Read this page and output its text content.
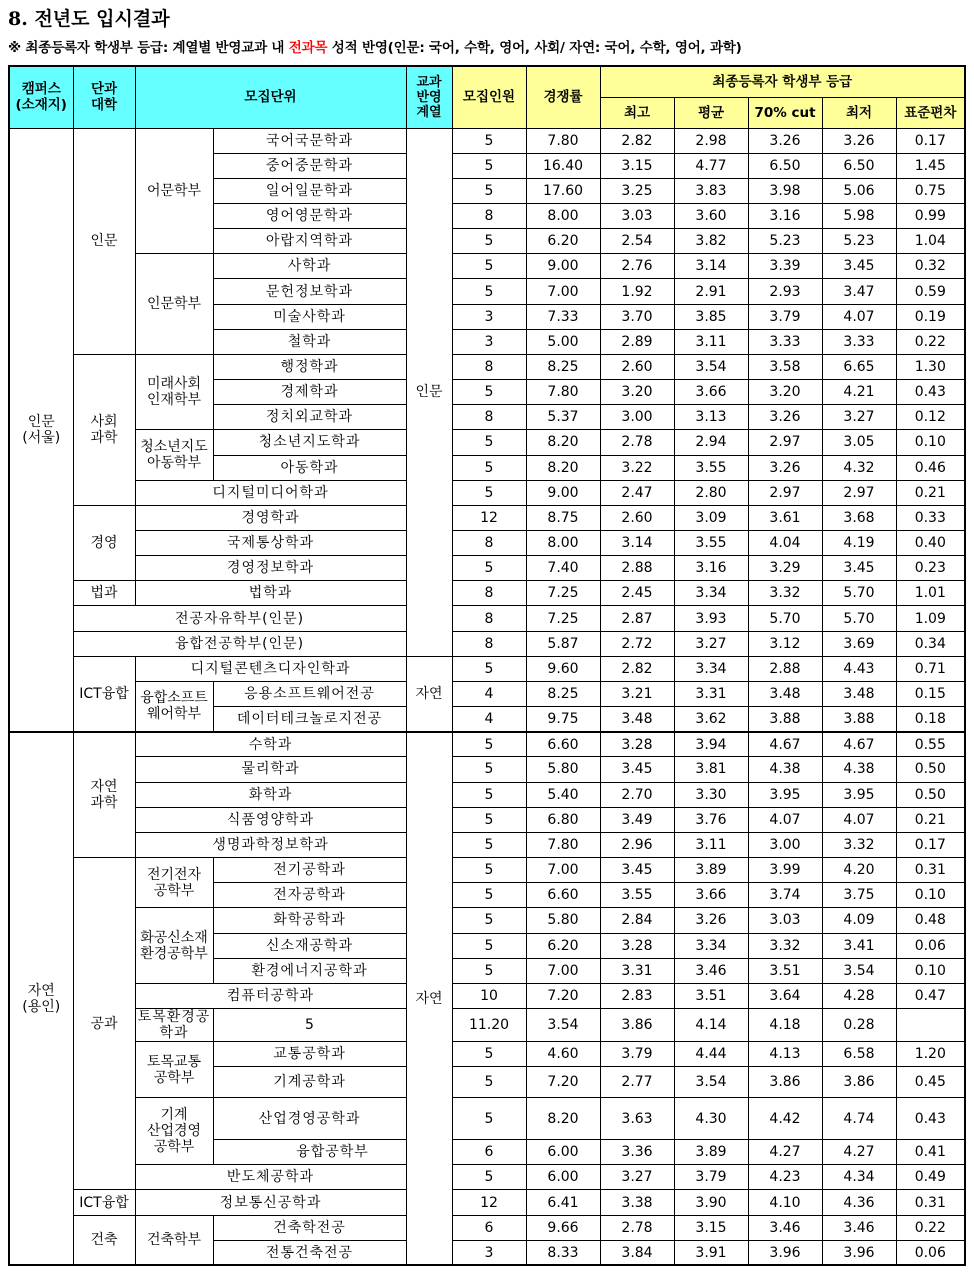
8. 전년도 입시결과
※ 최종등록자 학생부 등급: 계열별 반영교과 내 전과목 성적 반영(인문: 국어, 수학, 영어, 사회/ 자연: 국어, 수학, 영어, 과학)
캠퍼스
(소재지)	단과
대학	모집단위		교과
반영
계열	모집인원	경쟁률	최종등록자 학생부 등급				
							최고	평균	70% cut	최저	표준편차
인문
(서울)	인문	어문학부	국어국문학과	인문	5	7.80	2.82	2.98	3.26	3.26	0.17
			중어중문학과		5	16.40	3.15	4.77	6.50	6.50	1.45
			일어일문학과		5	17.60	3.25	3.83	3.98	5.06	0.75
			영어영문학과		8	8.00	3.03	3.60	3.16	5.98	0.99
			아랍지역학과		5	6.20	2.54	3.82	5.23	5.23	1.04
		인문학부	사학과		5	9.00	2.76	3.14	3.39	3.45	0.32
			문헌정보학과		5	7.00	1.92	2.91	2.93	3.47	0.59
			미술사학과		3	7.33	3.70	3.85	3.79	4.07	0.19
			철학과		3	5.00	2.89	3.11	3.33	3.33	0.22
	사회
과학	미래사회
인재학부	행정학과		8	8.25	2.60	3.54	3.58	6.65	1.30
			경제학과		5	7.80	3.20	3.66	3.20	4.21	0.43
			정치외교학과		8	5.37	3.00	3.13	3.26	3.27	0.12
		청소년지도
아동학부	청소년지도학과		5	8.20	2.78	2.94	2.97	3.05	0.10
			아동학과		5	8.20	3.22	3.55	3.26	4.32	0.46
		디지털미디어학과			5	9.00	2.47	2.80	2.97	2.97	0.21
	경영	경영학과			12	8.75	2.60	3.09	3.61	3.68	0.33
		국제통상학과			8	8.00	3.14	3.55	4.04	4.19	0.40
		경영정보학과			5	7.40	2.88	3.16	3.29	3.45	0.23
	법과	법학과			8	7.25	2.45	3.34	3.32	5.70	1.01
	전공자유학부(인문)				8	7.25	2.87	3.93	5.70	5.70	1.09
	융합전공학부(인문)				8	5.87	2.72	3.27	3.12	3.69	0.34
	ICT융합	디지털콘텐츠디자인학과		자연	5	9.60	2.82	3.34	2.88	4.43	0.71
		융합소프트
웨어학부	응용소프트웨어전공		4	8.25	3.21	3.31	3.48	3.48	0.15
			데이터테크놀로지전공		4	9.75	3.48	3.62	3.88	3.88	0.18
자연
(용인)	자연
과학	수학과		자연	5	6.60	3.28	3.94	4.67	4.67	0.55
		물리학과			5	5.80	3.45	3.81	4.38	4.38	0.50
		화학과			5	5.40	2.70	3.30	3.95	3.95	0.50
		식품영양학과			5	6.80	3.49	3.76	4.07	4.07	0.21
		생명과학정보학과			5	7.80	2.96	3.11	3.00	3.32	0.17
	공과	전기전자
공학부	전기공학과		5	7.00	3.45	3.89	3.99	4.20	0.31
			전자공학과		5	6.60	3.55	3.66	3.74	3.75	0.10
		화공신소재
환경공학부	화학공학과		5	5.80	2.84	3.26	3.03	4.09	0.48
			신소재공학과		5	6.20	3.28	3.34	3.32	3.41	0.06
			환경에너지공학과		5	7.00	3.31	3.46	3.51	3.54	0.10
		컴퓨터공학과			10	7.20	2.83	3.51	3.64	4.28	0.47
		토목환경공학과	5		11.20	3.54	3.86	4.14	4.18	0.28	
		토목교통
공학부	교통공학과		5	4.60	3.79	4.44	4.13	6.58	1.20
			기계공학과		5	7.20	2.77	3.54	3.86	3.86	0.45
		기계
산업경영
공학부	산업경영공학과		5	8.20	3.63	4.30	4.42	4.74	0.43
			융합공학부		6	6.00	3.36	3.89	4.27	4.27	0.41
		반도체공학과			5	6.00	3.27	3.79	4.23	4.34	0.49
	ICT융합	정보통신공학과			12	6.41	3.38	3.90	4.10	4.36	0.31
	건축	건축학부	건축학전공		6	9.66	2.78	3.15	3.46	3.46	0.22
			전통건축전공		3	8.33	3.84	3.91	3.96	3.96	0.06
